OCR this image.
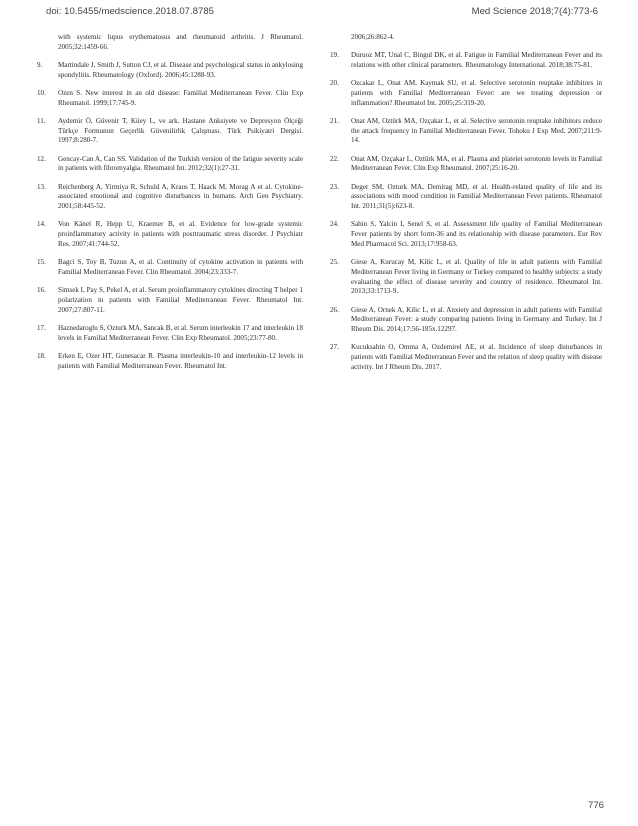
doi: 10.5455/medscience.2018.07.8785	Med Science 2018;7(4):773-6
with systemic lupus erythematosus and rheumatoid arthritis. J Rheumatol. 2005;32:1459-66.
9. Martindale J, Smith J, Sutton CJ, et al. Disease and psychological status in ankylosing spondylitis. Rheumatology (Oxford). 2006;45:1288-93.
10. Ozen S. New interest in an old disease: Familial Mediterranean Fever. Clin Exp Rheumatol. 1999;17:745-9.
11. Aydemir Ö, Güvenir T, Küey L, ve ark. Hastane Anksiyete ve Depresyon Ölçeği Türkçe Formunun Geçerlik Güvenilirlik Çalışması. Türk Psikiyatri Dergisi. 1997;8:280-7.
12. Gencay-Can A, Can SS. Validation of the Turkish version of the fatigue severity scale in patients with fibromyalgia. Rheumatol Int. 2012;32(1):27-31.
13. Reichenberg A, Yirmiya R, Schuld A, Kraus T, Haack M, Morag A et al. Cytokine-associated emotional and cognitive disturbances in humans. Arch Gen Psychiatry. 2001;58:445-52.
14. Von Känel R, Hepp U, Kraemer B, et al. Evidence for low-grade systemic proinflammatory activity in patients with posttraumatic stress disorder. J Psychiatr Res. 2007;41:744-52.
15. Bagci S, Toy B, Tuzun A, et al. Continuity of cytokine activation in patients with Familial Mediterranean Fever. Clin Rheumatol. 2004;23:333-7.
16. Simsek I, Pay S, Pekel A, et al. Serum proinflammatory cytokines directing T helper 1 polarization in patients with Familial Mediterranean Fever. Rheumatol Int. 2007;27:807-11.
17. Haznedaroglu S, Ozturk MA, Sancak B, et al. Serum interleukin 17 and interleukin 18 levels in Familial Mediterranean Fever. Clin Exp Rheumatol. 2005;23:77-80.
18. Erken E, Ozer HT, Gunesacar R. Plasma interleukin-10 and interleukin-12 levels in patients with Familial Mediterranean Fever. Rheumatol Int.
2006;26:862-4.
19. Duruoz MT, Unal C, Bingul DK, et al. Fatigue in Familial Mediterranean Fever and its relations with other clinical parameters. Rheumatology International. 2018;38:75-81.
20. Ozcakar L, Onat AM, Kaymak SU, et al. Selective serotonin reuptake inhibitors in patients with Familial Mediterranean Fever: are we treating depression or inflammation? Rheumatol Int. 2005;25:319-20.
21. Onat AM, Oztürk MA, Ozçakar L, et al. Selective serotonin reuptake inhibitors reduce the attack frequency in Familial Mediterranean Fever. Tohoku J Exp Med. 2007;211:9-14.
22. Onat AM, Ozçakar L, Oztürk MA, et al. Plasma and platelet serotonin levels in Familial Mediterranean Fever. Clin Exp Rheumatol. 2007;25:16-20.
23. Deger SM, Ozturk MA, Demirag MD, et al. Health-related quality of life and its associations with mood condition in Familial Mediterranean Fever patients. Rheumatol Int. 2011;31(5):623-8.
24. Sahin S, Yalcin I, Senel S, et al. Assessment life quality of Familial Mediterranean Fever patients by short form-36 and its relationship with disease parameters. Eur Rev Med Pharmacol Sci. 2013;17:958-63.
25. Giese A, Kurucay M, Kilic L, et al. Quality of life in adult patients with Familial Mediterranean Fever living in Germany or Turkey compared to healthy subjects: a study evaluating the effect of disease severity and country of residence. Rheumatol Int. 2013;33:1713-9.
26. Giese A, Ornek A, Kilic L, et al. Anxiety and depression in adult patients with Familial Mediterranean Fever: a study comparing patients living in Germany and Turkey. Int J Rheum Dis. 2014;17:56-185x.12297.
27. Kucuksahin O, Omma A, Ozdemirel AE, et al. Incidence of sleep disturbances in patients with Familial Mediterranean Fever and the relation of sleep quality with disease activity. Int J Rheum Dis. 2017.
776
